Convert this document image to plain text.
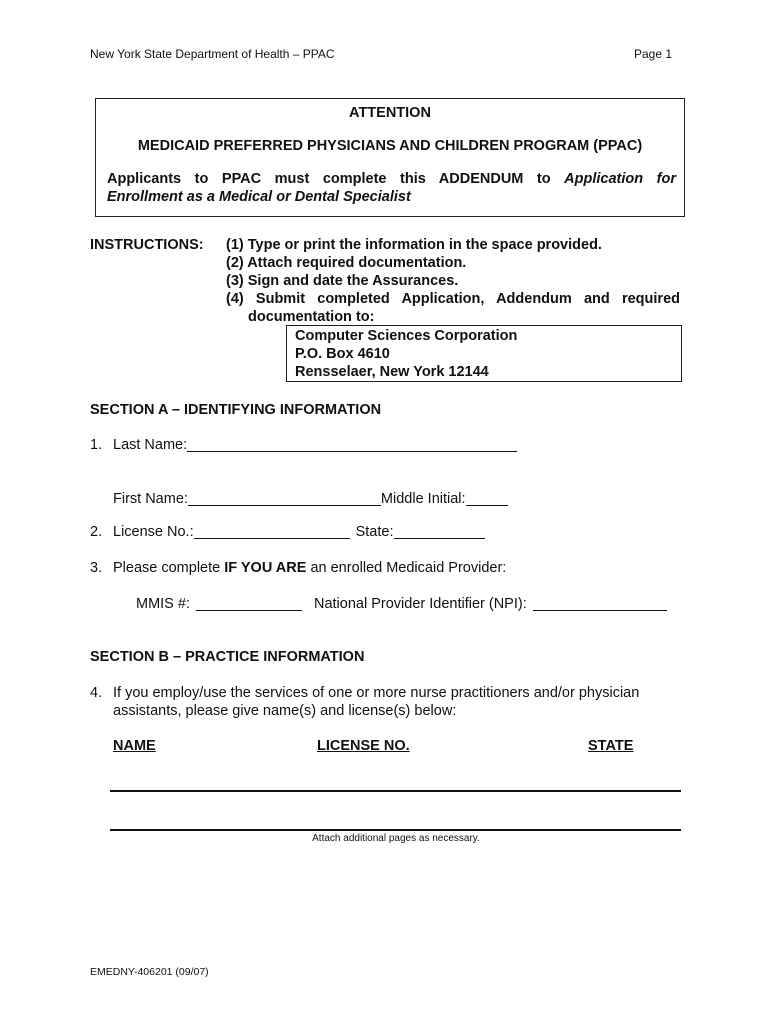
New York State Department of Health – PPAC	Page 1
ATTENTION
MEDICAID PREFERRED PHYSICIANS AND CHILDREN PROGRAM (PPAC)
Applicants to PPAC must complete this ADDENDUM to Application for
Enrollment as a Medical or Dental Specialist
INSTRUCTIONS: (1) Type or print the information in the space provided.
(2) Attach required documentation.
(3) Sign and date the Assurances.
(4) Submit completed Application, Addendum and required
documentation to:
Computer Sciences Corporation
P.O. Box 4610
Rensselaer, New York 12144
SECTION A – IDENTIFYING INFORMATION
1. Last Name:
First Name:	Middle Initial:
2. License No.:	State:
3. Please complete IF YOU ARE an enrolled Medicaid Provider:
MMIS #:	National Provider Identifier (NPI):
SECTION B – PRACTICE INFORMATION
4. If you employ/use the services of one or more nurse practitioners and/or physician
assistants, please give name(s) and license(s) below:
NAME	LICENSE NO.	STATE
Attach additional pages as necessary.
EMEDNY-406201 (09/07)
